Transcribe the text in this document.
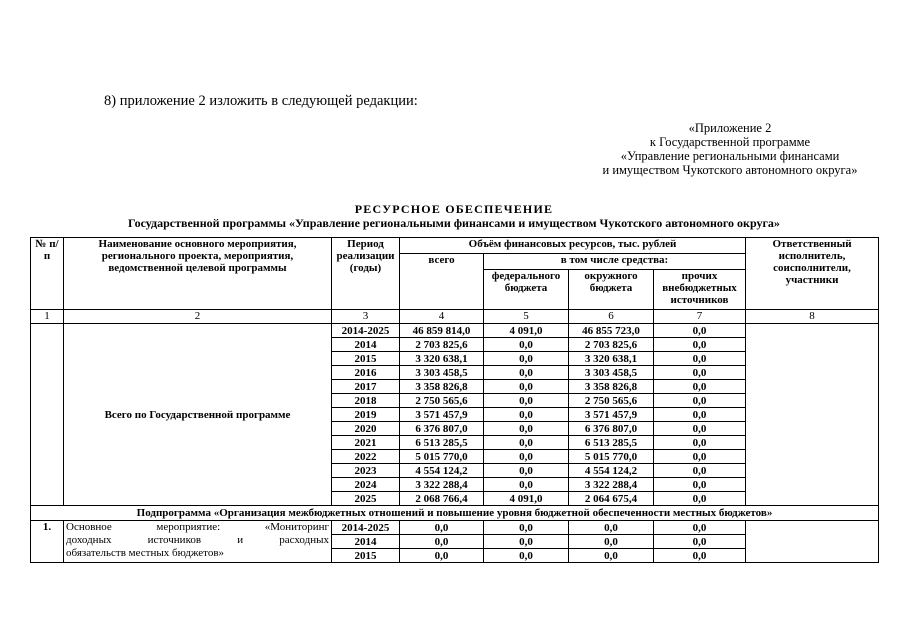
8) приложение 2 изложить в следующей редакции:
«Приложение 2
к Государственной программе
«Управление региональными финансами
и имуществом Чукотского автономного округа»
РЕСУРСНОЕ ОБЕСПЕЧЕНИЕ
Государственной программы «Управление региональными финансами и имуществом Чукотского автономного округа»
№ п/п	Наименование основного мероприятия, регионального проекта, мероприятия, ведомственной целевой программы	Период реализации (годы)	Объём финансовых ресурсов, тыс. рублей				Ответственный исполнитель, соисполнители, участники
			всего	в том числе средства:			
				федерального бюджета	окружного бюджета	прочих внебюджетных источников	
1	2	3	4	5	6	7	8
	Всего по Государственной программе	2014-2025	46 859 814,0	4 091,0	46 855 723,0	0,0	
		2014	2 703 825,6	0,0	2 703 825,6	0,0	
		2015	3 320 638,1	0,0	3 320 638,1	0,0	
		2016	3 303 458,5	0,0	3 303 458,5	0,0	
		2017	3 358 826,8	0,0	3 358 826,8	0,0	
		2018	2 750 565,6	0,0	2 750 565,6	0,0	
		2019	3 571 457,9	0,0	3 571 457,9	0,0	
		2020	6 376 807,0	0,0	6 376 807,0	0,0	
		2021	6 513 285,5	0,0	6 513 285,5	0,0	
		2022	5 015 770,0	0,0	5 015 770,0	0,0	
		2023	4 554 124,2	0,0	4 554 124,2	0,0	
		2024	3 322 288,4	0,0	3 322 288,4	0,0	
		2025	2 068 766,4	4 091,0	2 064 675,4	0,0	
Подпрограмма «Организация межбюджетных отношений и повышение уровня бюджетной обеспеченности местных бюджетов»							
1.	Основное мероприятие: «Мониторинг
доходных источников и расходных
обязательств местных бюджетов»	2014-2025	0,0	0,0	0,0	0,0	
		2014	0,0	0,0	0,0	0,0	
		2015	0,0	0,0	0,0	0,0	
